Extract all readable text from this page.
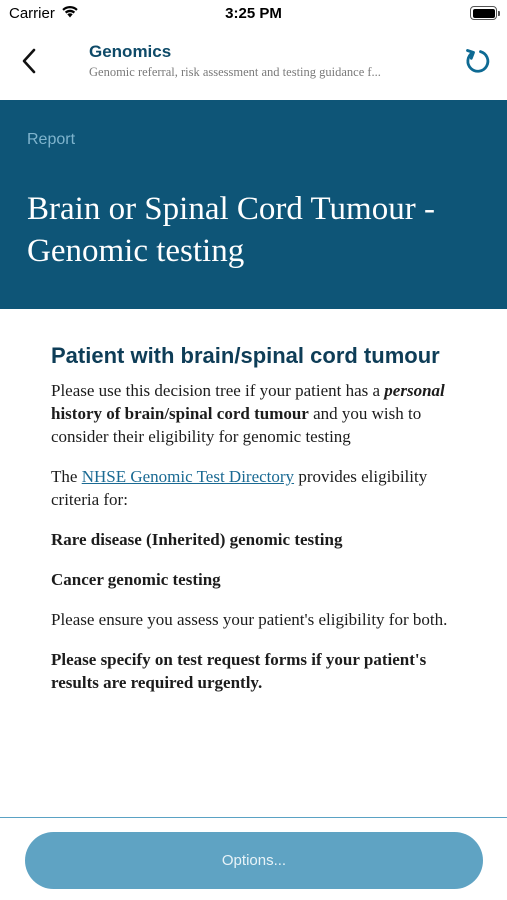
Carrier	3:25 PM
Genomics
Genomic referral, risk assessment and testing guidance f...
Report
Brain or Spinal Cord Tumour - Genomic testing
Patient with brain/spinal cord tumour

Please use this decision tree if your patient has a personal history of brain/spinal cord tumour and you wish to consider their eligibility for genomic testing

The NHSE Genomic Test Directory provides eligibility criteria for:

Rare disease (Inherited) genomic testing

Cancer genomic testing

Please ensure you assess your patient's eligibility for both.

Please specify on test request forms if your patient's results are required urgently.

Options...
